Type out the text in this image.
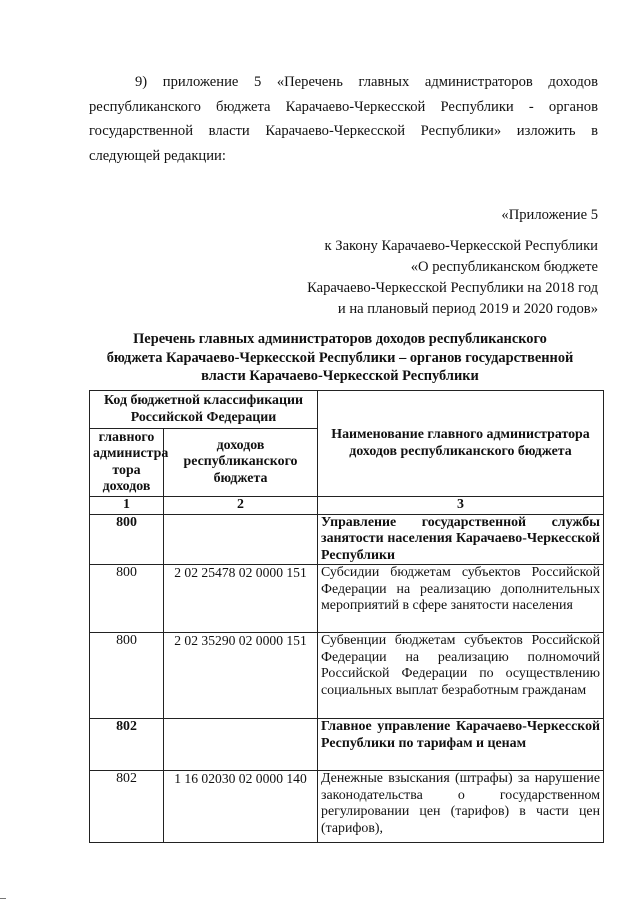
9) приложение 5 «Перечень главных администраторов доходов
республиканского бюджета Карачаево-Черкесской Республики - органов
государственной власти Карачаево-Черкесской Республики» изложить в
следующей редакции:
«Приложение 5
к Закону Карачаево-Черкесской Республики
«О республиканском бюджете
Карачаево-Черкесской Республики на 2018 год
и на плановый период 2019 и 2020 годов»
Перечень главных администраторов доходов республиканского
бюджета Карачаево-Черкесской Республики – органов государственной
власти Карачаево-Черкесской Республики
Код бюджетной классификации Российской Федерации		Наименование главного администратора доходов республиканского бюджета
главного администра тора доходов	доходов республиканского бюджета	
1	2	3
800		Управление государственной службы занятости населения Карачаево-Черкесской Республики
800	2 02 25478 02 0000 151	Субсидии бюджетам субъектов Российской Федерации на реализацию дополнительных мероприятий в сфере занятости населения
800	2 02 35290 02 0000 151	Субвенции бюджетам субъектов Российской Федерации на реализацию полномочий Российской Федерации по осуществлению социальных выплат безработным гражданам
802		Главное управление Карачаево-Черкесской Республики по тарифам и ценам
802	1 16 02030 02 0000 140	Денежные взыскания (штрафы) за нарушение законодательства о государственном регулировании цен (тарифов) в части цен (тарифов),
